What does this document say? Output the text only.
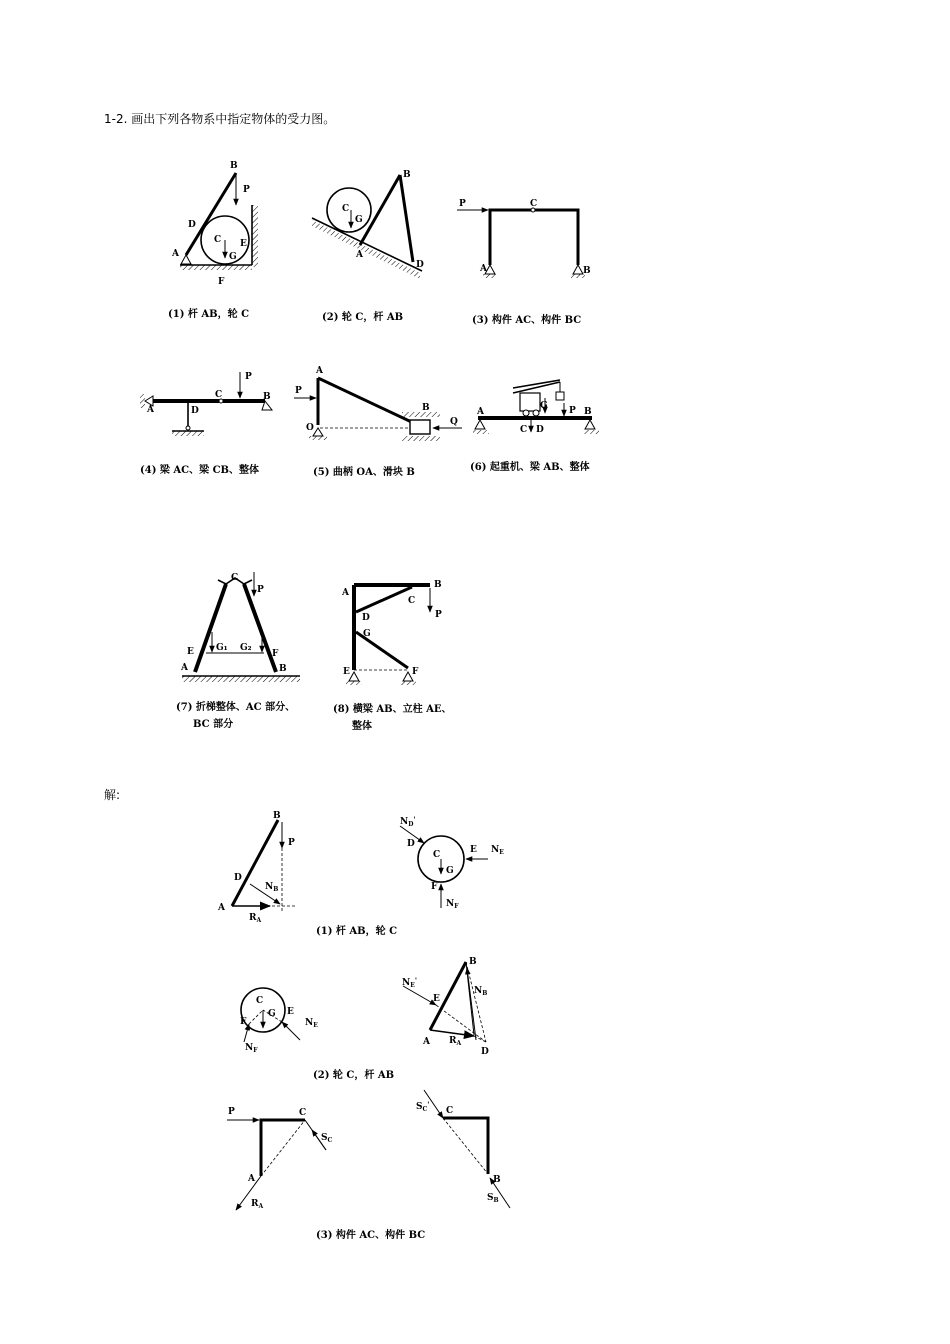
1-2. 画出下列各物系中指定物体的受力图。
解:
B
P
D
C E
G
A
F
(1) 杆 AB，轮 C
B
C
G
A
D
(2) 轮 C，杆 AB
P	C
A	B
(3) 构件 AC、构件 BC
A	D
C
P
B
(4) 梁 AC、梁 CB、整体
A
P
B
O
Q
(5) 曲柄 OA、滑块 B
A
G P B
C D
(6) 起重机、梁 AB、整体
C
P
E G₁ G₂
F
A	B
(7) 折梯整体、AC 部分、
BC 部分
A
B
C
D	P
G
E	F
(8) 横梁 AB、立柱 AE、
整体
B
P
D
$N_B$
A
$R_A$
$N_D'$
D
C	E $N_E$
F
G
$N_F$
(1) 杆 AB，轮 C
C
G
F
E
$N_E$
$N_F$
B
$N_E'$
E
$N_B$
A $R_A$
D
(2) 轮 C，杆 AB
P	C
$S_C$
A
$R_A$
$S_C'$
C
B
$S_B$
(3) 构件 AC、构件 BC
